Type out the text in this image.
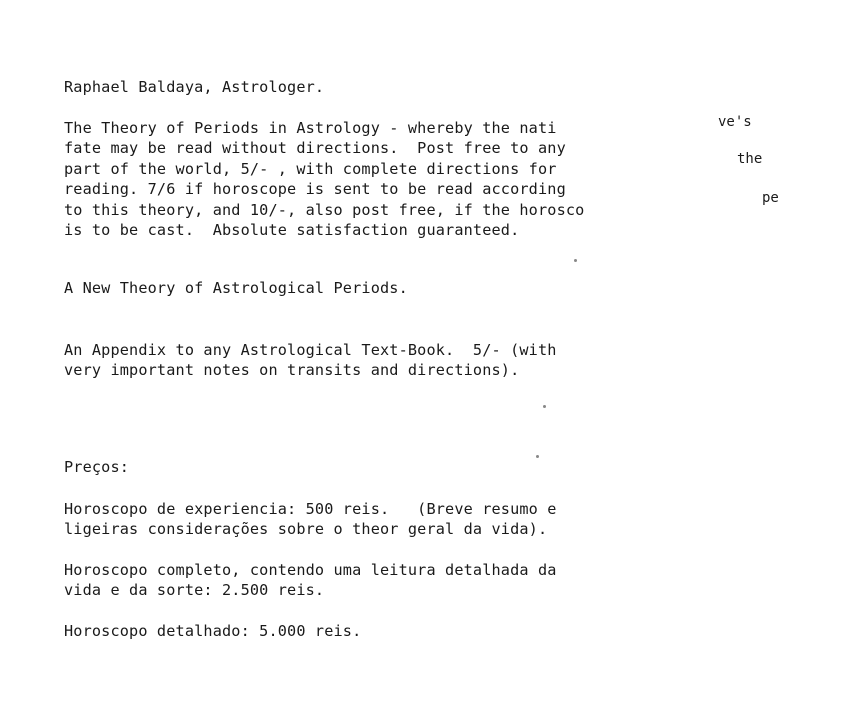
Raphael Baldaya, Astrologer.

The Theory of Periods in Astrology - whereby the nati	ve's

fate may be read without directions.  Post free to any

part of the world, 5/- , with complete directions for

the

reading. 7/6 if horoscope is sent to be read according

to this theory, and 10/-, also post free, if the horosco

pe

is to be cast.  Absolute satisfaction guaranteed.

A New Theory of Astrological Periods.

An Appendix to any Astrological Text-Book.  5/- (with

very important notes on transits and directions).

Preços:

Horoscopo de experiencia: 500 reis.   (Breve resumo e

ligeiras considerações sobre o theor geral da vida).

Horoscopo completo, contendo uma leitura detalhada da

vida e da sorte: 2.500 reis.

Horoscopo detalhado: 5.000 reis.
